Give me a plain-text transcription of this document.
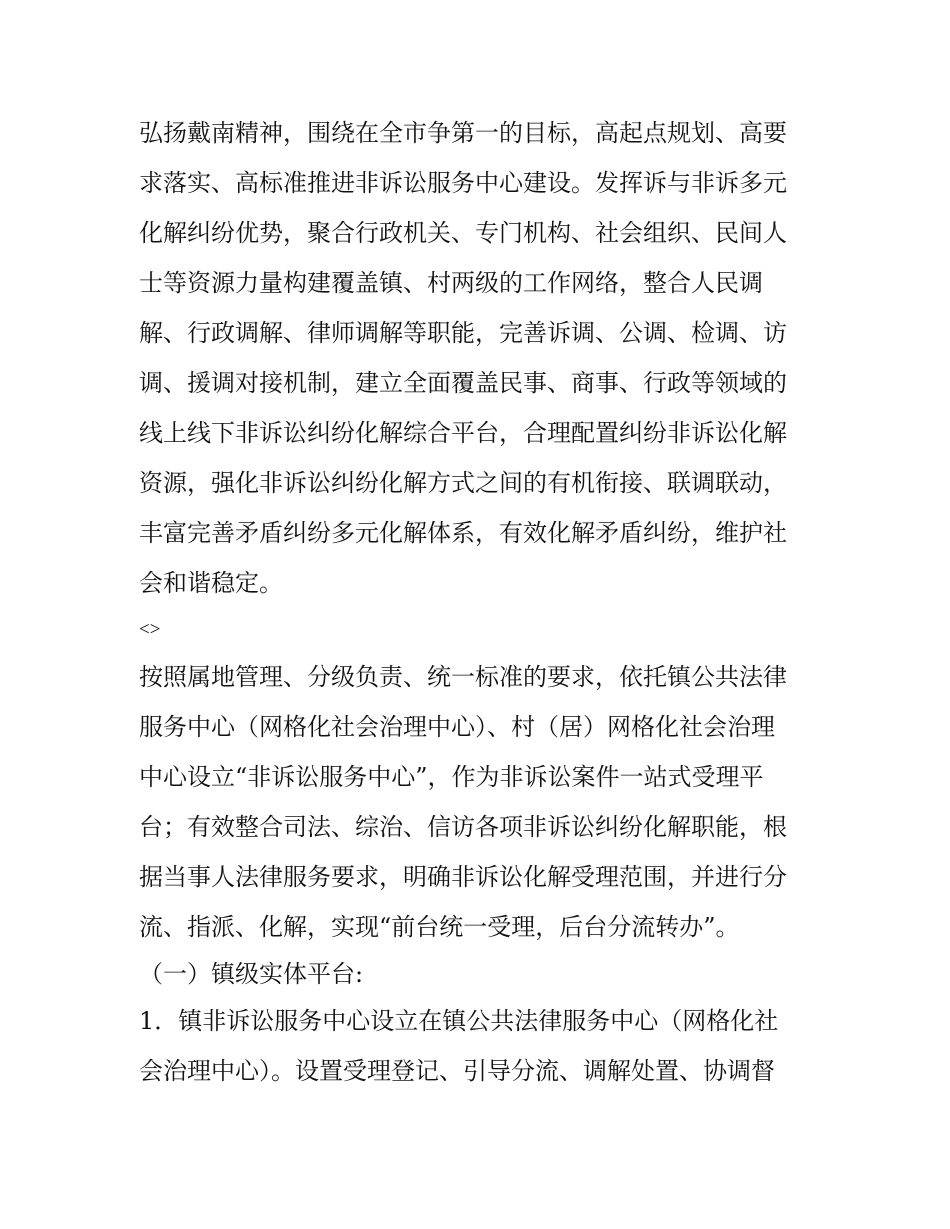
弘扬戴南精神，围绕在全市争第一的目标，高起点规划、高要
求落实、高标准推进非诉讼服务中心建设。发挥诉与非诉多元
化解纠纷优势，聚合行政机关、专门机构、社会组织、民间人
士等资源力量构建覆盖镇、村两级的工作网络，整合人民调
解、行政调解、律师调解等职能，完善诉调、公调、检调、访
调、援调对接机制，建立全面覆盖民事、商事、行政等领域的
线上线下非诉讼纠纷化解综合平台，合理配置纠纷非诉讼化解
资源，强化非诉讼纠纷化解方式之间的有机衔接、联调联动，
丰富完善矛盾纠纷多元化解体系，有效化解矛盾纠纷，维护社
会和谐稳定。
<>
按照属地管理、分级负责、统一标准的要求，依托镇公共法律
服务中心（网格化社会治理中心）、村（居）网格化社会治理
中心设立“非诉讼服务中心”，作为非诉讼案件一站式受理平
台；有效整合司法、综治、信访各项非诉讼纠纷化解职能，根
据当事人法律服务要求，明确非诉讼化解受理范围，并进行分
流、指派、化解，实现“前台统一受理，后台分流转办”。
（一）镇级实体平台:
1．镇非诉讼服务中心设立在镇公共法律服务中心（网格化社
会治理中心）。设置受理登记、引导分流、调解处置、协调督
